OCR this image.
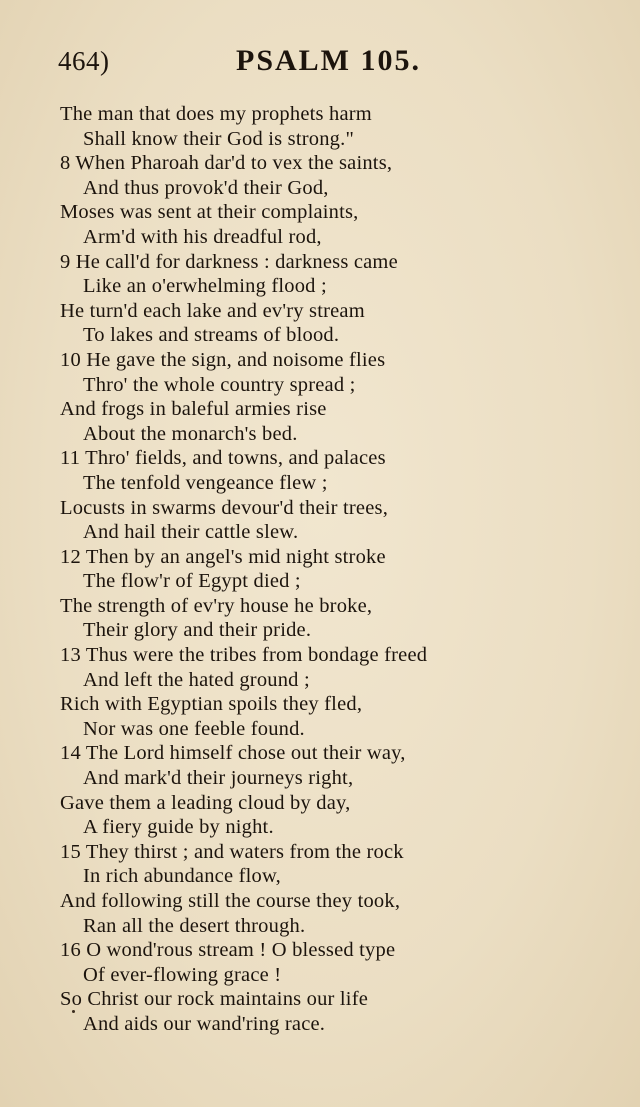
464)	PSALM 105.
The man that does my prophets harm
Shall know their God is strong."
8 When Pharoah dar'd to vex the saints,
And thus provok'd their God,
Moses was sent at their complaints,
Arm'd with his dreadful rod,
9 He call'd for darkness : darkness came
Like an o'erwhelming flood ;
He turn'd each lake and ev'ry stream
To lakes and streams of blood.
10 He gave the sign, and noisome flies
Thro' the whole country spread ;
And frogs in baleful armies rise
About the monarch's bed.
11 Thro' fields, and towns, and palaces
The tenfold vengeance flew ;
Locusts in swarms devour'd their trees,
And hail their cattle slew.
12 Then by an angel's mid night stroke
The flow'r of Egypt died ;
The strength of ev'ry house he broke,
Their glory and their pride.
13 Thus were the tribes from bondage freed
And left the hated ground ;
Rich with Egyptian spoils they fled,
Nor was one feeble found.
14 The Lord himself chose out their way,
And mark'd their journeys right,
Gave them a leading cloud by day,
A fiery guide by night.
15 They thirst ; and waters from the rock
In rich abundance flow,
And following still the course they took,
Ran all the desert through.
16 O wond'rous stream ! O blessed type
Of ever-flowing grace !
So Christ our rock maintains our life
And aids our wand'ring race.
